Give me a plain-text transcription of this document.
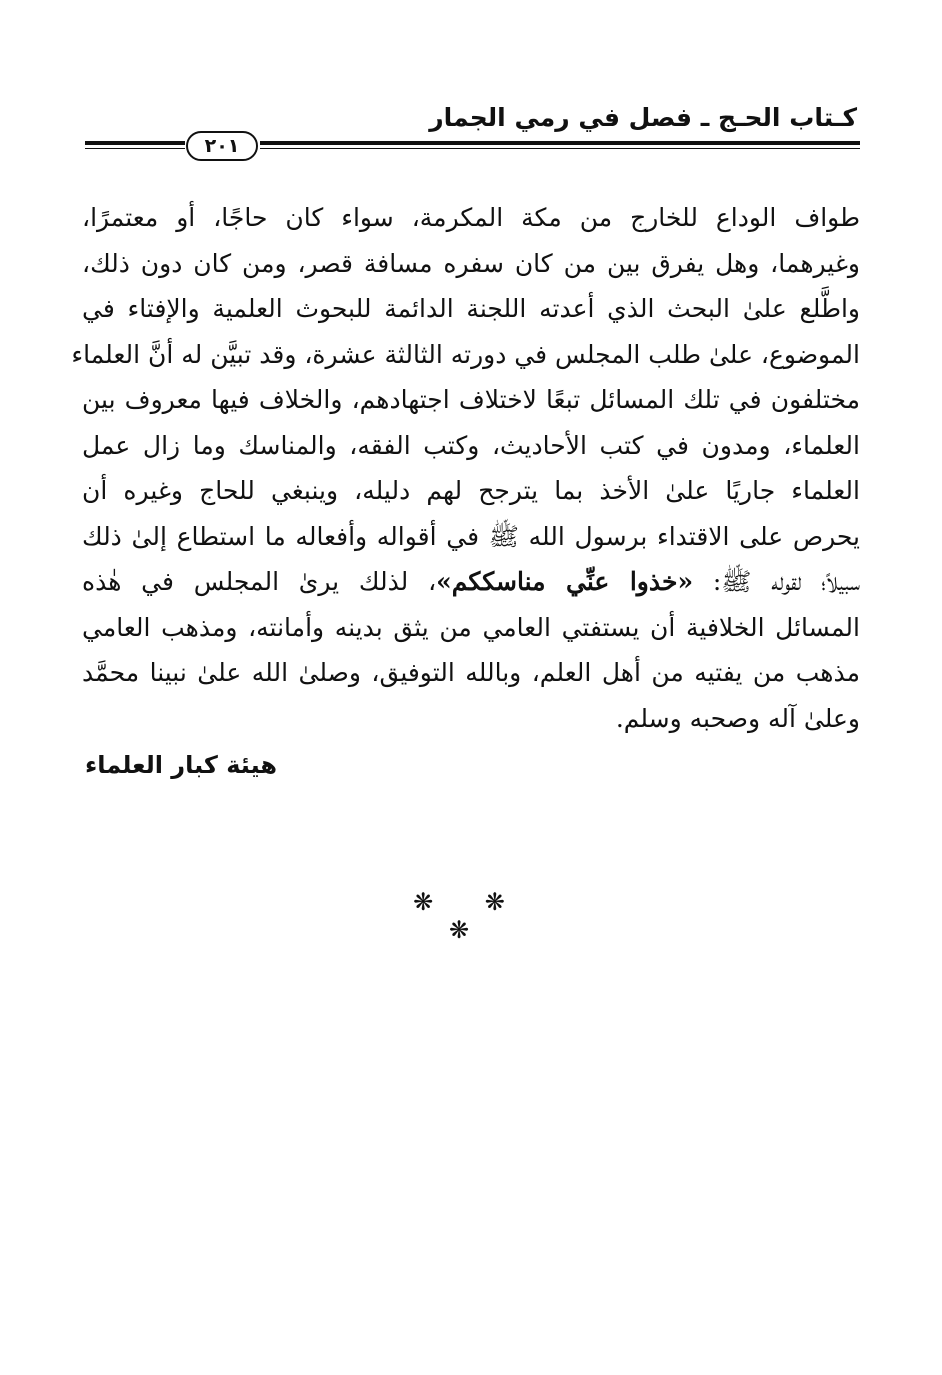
كـتاب الحـج ـ فصل في رمي الجمار
٢٠١
طواف الوداع للخارج من مكة المكرمة، سواء كان حاجًا، أو معتمرًا،
وغيرهما، وهل يفرق بين من كان سفره مسافة قصر، ومن كان دون ذلك،
واطَّلع علىٰ البحث الذي أعدته اللجنة الدائمة للبحوث العلمية والإفتاء في
الموضوع، علىٰ طلب المجلس في دورته الثالثة عشرة، وقد تبيَّن له أنَّ العلماء
مختلفون في تلك المسائل تبعًا لاختلاف اجتهادهم، والخلاف فيها معروف بين
العلماء، ومدون في كتب الأحاديث، وكتب الفقه، والمناسك وما زال عمل
العلماء جاريًا علىٰ الأخذ بما يترجح لهم دليله، وينبغي للحاج وغيره أن
يحرص على الاقتداء برسول الله ﷺ في أقواله وأفعاله ما استطاع إلىٰ ذلك
سبيلاً؛ لقوله ﷺ: «خذوا عنِّي مناسككم»، لذلك يرىٰ المجلس في هٰذه
المسائل الخلافية أن يستفتي العامي من يثق بدينه وأمانته، ومذهب العامي
مذهب من يفتيه من أهل العلم، وبالله التوفيق، وصلىٰ الله علىٰ نبينا محمَّد
وعلىٰ آله وصحبه وسلم.
هيئة كبار العلماء
❋ ❋ ❋
